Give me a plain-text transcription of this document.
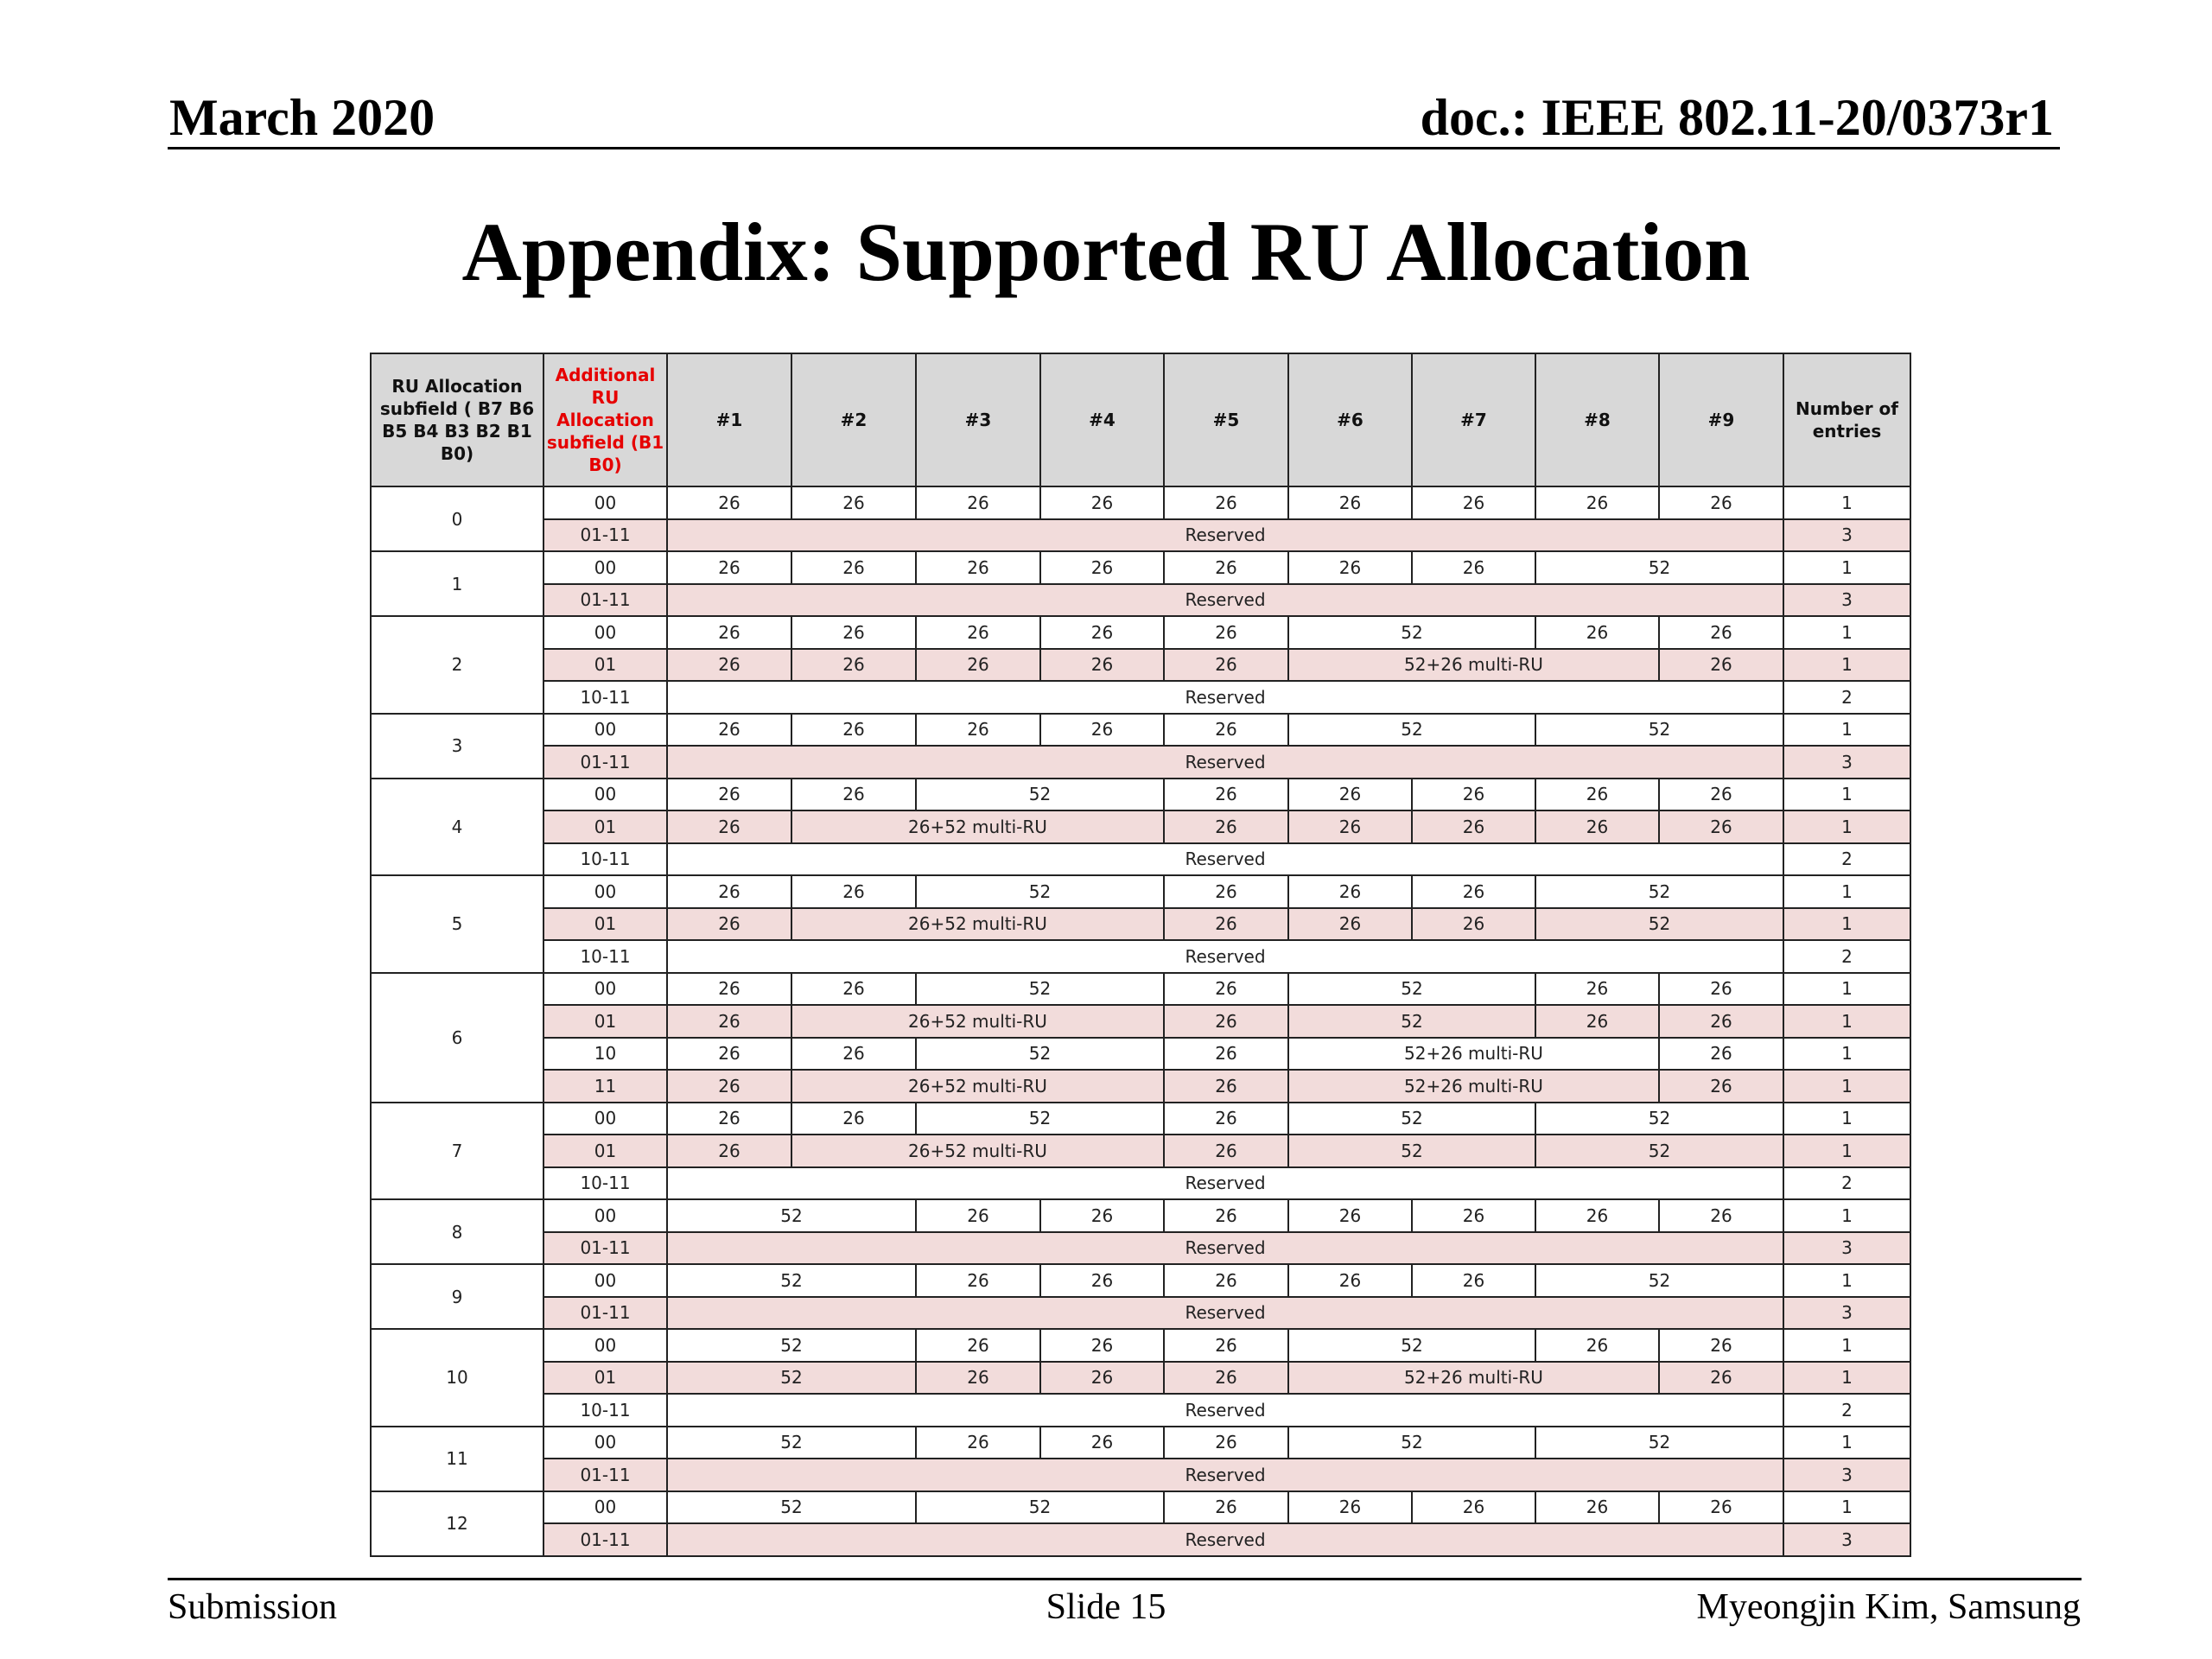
March 2020	doc.: IEEE 802.11-20/0373r1
Appendix: Supported RU Allocation
RU Allocation subfield ( B7 B6 B5 B4 B3 B2 B1 B0)	Additional RU Allocation subfield (B1 B0)	#1	#2	#3	#4	#5	#6	#7	#8	#9	Number of entries
0	00	26	26	26	26	26	26	26	26	26	1
	01-11	Reserved									3
1	00	26	26	26	26	26	26	26	52		1
	01-11	Reserved									3
2	00	26	26	26	26	26	52		26	26	1
	01	26	26	26	26	26	52+26 multi-RU			26	1
	10-11	Reserved									2
3	00	26	26	26	26	26	52		52		1
	01-11	Reserved									3
4	00	26	26	52		26	26	26	26	26	1
	01	26	26+52 multi-RU			26	26	26	26	26	1
	10-11	Reserved									2
5	00	26	26	52		26	26	26	52		1
	01	26	26+52 multi-RU			26	26	26	52		1
	10-11	Reserved									2
6	00	26	26	52		26	52		26	26	1
	01	26	26+52 multi-RU			26	52		26	26	1
	10	26	26	52		26	52+26 multi-RU			26	1
	11	26	26+52 multi-RU			26	52+26 multi-RU			26	1
7	00	26	26	52		26	52		52		1
	01	26	26+52 multi-RU			26	52		52		1
	10-11	Reserved									2
8	00	52		26	26	26	26	26	26	26	1
	01-11	Reserved									3
9	00	52		26	26	26	26	26	52		1
	01-11	Reserved									3
10	00	52		26	26	26	52		26	26	1
	01	52		26	26	26	52+26 multi-RU			26	1
	10-11	Reserved									2
11	00	52		26	26	26	52		52		1
	01-11	Reserved									3
12	00	52		52		26	26	26	26	26	1
	01-11	Reserved									3
Submission	Slide 15	Myeongjin Kim, Samsung
